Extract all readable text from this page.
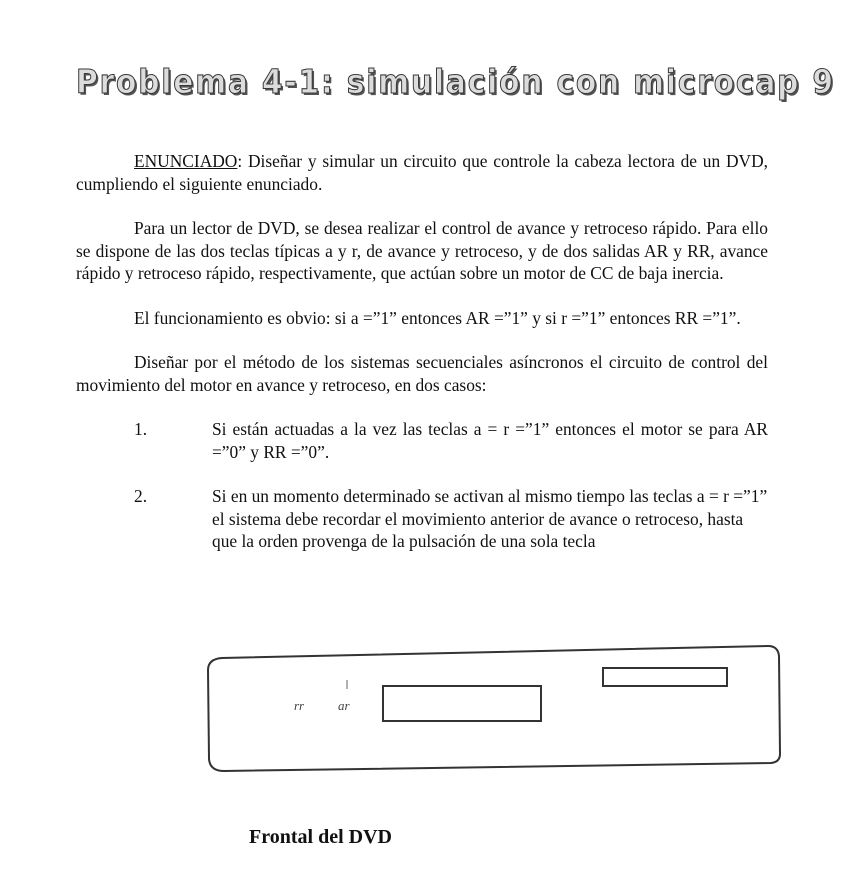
Problema 4-1: simulación con microcap 9

ENUNCIADO: Diseñar y simular un circuito que controle la cabeza lectora de un DVD, cumpliendo el siguiente enunciado.

Para un lector de DVD, se desea realizar el control de avance y retroceso rápido. Para ello se dispone de las dos teclas típicas a y r, de avance y retroceso, y de dos salidas AR y RR, avance rápido y retroceso rápido, respectivamente, que actúan sobre un motor de CC de baja inercia.

El funcionamiento es obvio: si a =”1” entonces AR =”1” y si r =”1” entonces RR =”1”.

Diseñar por el método de los sistemas secuenciales asíncronos el circuito de control del movimiento del motor en avance y retroceso, en dos casos:

1.	Si están actuadas a la vez las teclas a = r =”1” entonces el motor se para AR =”0” y RR =”0”.
2.	Si en un momento determinado se activan al mismo tiempo las teclas a = r =”1” el sistema debe recordar el movimiento anterior de avance o retroceso, hasta que la orden provenga de la pulsación de una sola tecla
rr	ar

Frontal del DVD
